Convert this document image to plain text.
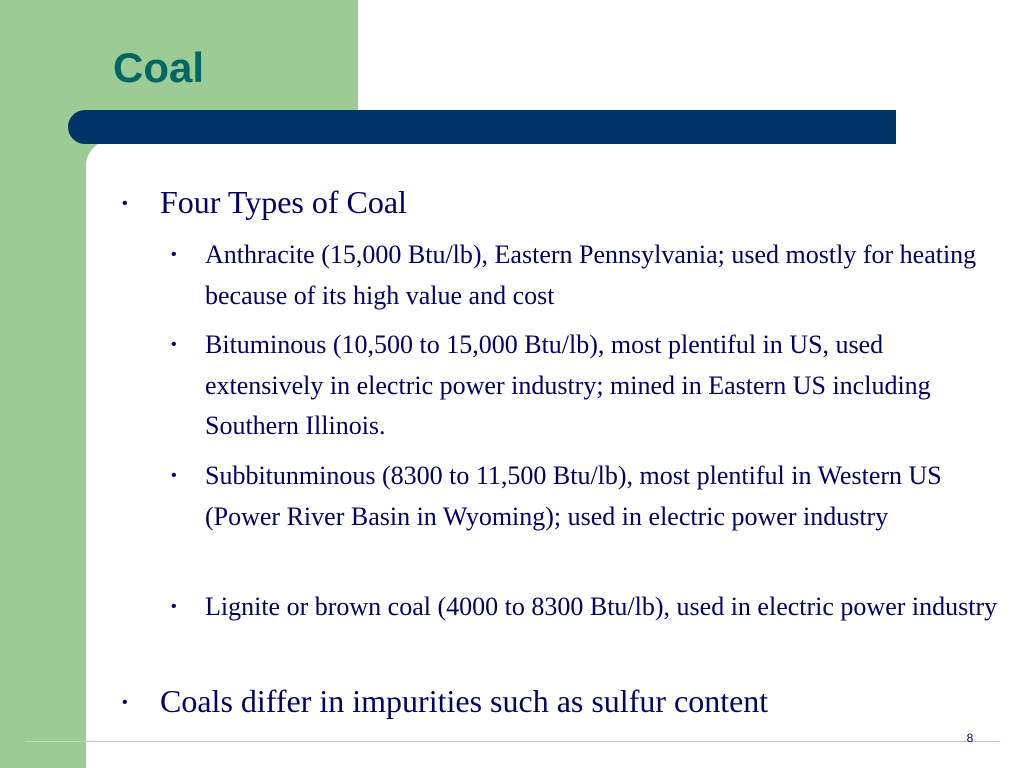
Coal

• Four Types of Coal

• Anthracite (15,000 Btu/lb), Eastern Pennsylvania; used mostly for heating because of its high value and cost

• Bituminous (10,500 to 15,000 Btu/lb), most plentiful in US, used extensively in electric power industry; mined in Eastern US including Southern Illinois.

• Subbitunminous (8300 to 11,500 Btu/lb), most plentiful in Western US (Power River Basin in Wyoming); used in electric power industry

• Lignite or brown coal (4000 to 8300 Btu/lb), used in electric power industry

• Coals differ in impurities such as sulfur content

8
